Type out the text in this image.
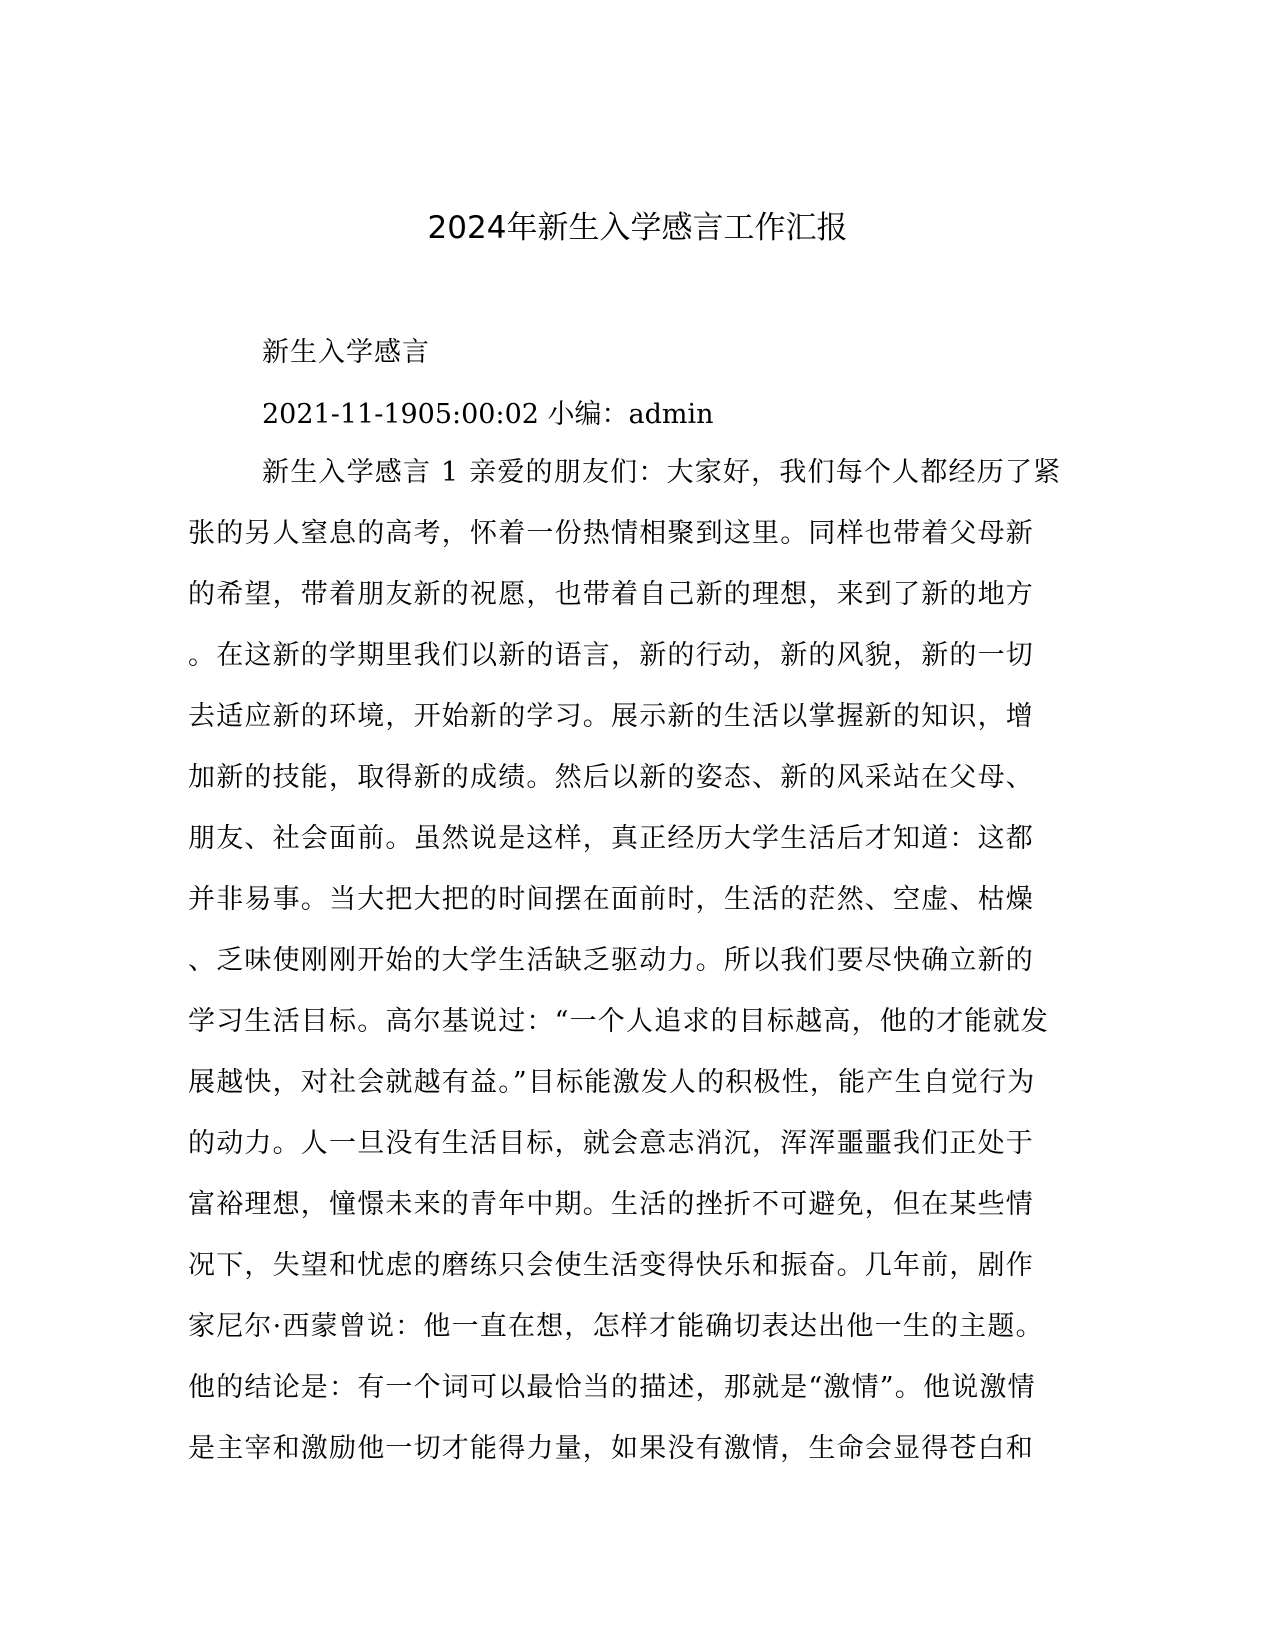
2024年新生入学感言工作汇报

新生入学感言

2021-11-1905:00:02 小编：admin

新生入学感言 1 亲爱的朋友们：大家好，我们每个人都经历了紧
张的另人窒息的高考，怀着一份热情相聚到这里。同样也带着父母新
的希望，带着朋友新的祝愿，也带着自己新的理想，来到了新的地方
。在这新的学期里我们以新的语言，新的行动，新的风貌，新的一切
去适应新的环境，开始新的学习。展示新的生活以掌握新的知识，增
加新的技能，取得新的成绩。然后以新的姿态、新的风采站在父母、
朋友、社会面前。虽然说是这样，真正经历大学生活后才知道：这都
并非易事。当大把大把的时间摆在面前时，生活的茫然、空虚、枯燥
、乏味使刚刚开始的大学生活缺乏驱动力。所以我们要尽快确立新的
学习生活目标。高尔基说过：“一个人追求的目标越高，他的才能就发
展越快，对社会就越有益。”目标能激发人的积极性，能产生自觉行为
的动力。人一旦没有生活目标，就会意志消沉，浑浑噩噩我们正处于
富裕理想，憧憬未来的青年中期。生活的挫折不可避免，但在某些情
况下，失望和忧虑的磨练只会使生活变得快乐和振奋。几年前，剧作
家尼尔·西蒙曾说：他一直在想，怎样才能确切表达出他一生的主题。
他的结论是：有一个词可以最恰当的描述，那就是“激情”。他说激情
是主宰和激励他一切才能得力量，如果没有激情，生命会显得苍白和
